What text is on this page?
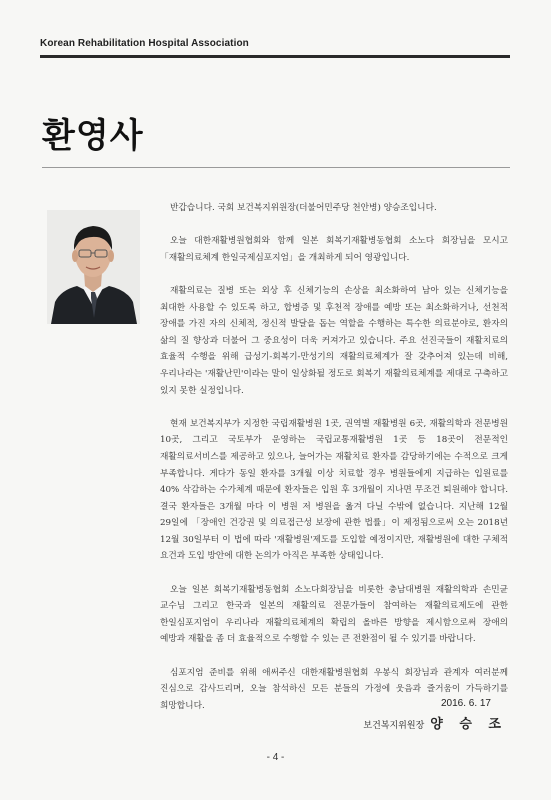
Korean Rehabilitation Hospital Association
환영사

반갑습니다. 국회 보건복지위원장(더불어민주당 천안병) 양승조입니다.

오늘 대한재활병원협회와 함께 일본 회복기재활병동협회 소노다 회장님을 모시고 「재활의료체계 한일국제심포지엄」을 개최하게 되어 영광입니다.

재활의료는 질병 또는 외상 후 신체기능의 손상을 최소화하여 남아 있는 신체기능을 최대한 사용할 수 있도록 하고, 합병증 및 후천적 장애를 예방 또는 최소화하거나, 선천적 장애를 가진 자의 신체적, 정신적 발달을 돕는 역할을 수행하는 특수한 의료분야로, 환자의 삶의 질 향상과 더불어 그 중요성이 더욱 커져가고 있습니다. 주요 선진국들이 재활치료의 효율적 수행을 위해 급성기-회복기-만성기의 재활의료체계가 잘 갖추어져 있는데 비해, 우리나라는 '재활난민'이라는 말이 일상화될 정도로 회복기 재활의료체계를 제대로 구축하고 있지 못한 실정입니다.

현재 보건복지부가 지정한 국립재활병원 1곳, 권역별 재활병원 6곳, 재활의학과 전문병원 10곳, 그리고 국토부가 운영하는 국립교통재활병원 1곳 등 18곳이 전문적인 재활의료서비스를 제공하고 있으나, 늘어가는 재활치료 환자를 감당하기에는 수적으로 크게 부족합니다. 게다가 동일 환자를 3개월 이상 치료할 경우 병원들에게 지급하는 입원료를 40% 삭감하는 수가체계 때문에 환자들은 입원 후 3개월이 지나면 무조건 퇴원해야 합니다. 결국 환자들은 3개월 마다 이 병원 저 병원을 옮겨 다닐 수밖에 없습니다. 지난해 12월 29일에 「장애인 건강권 및 의료접근성 보장에 관한 법률」이 제정됨으로써 오는 2018년 12월 30일부터 이 법에 따라 '재활병원'제도를 도입할 예정이지만, 재활병원에 대한 구체적 요건과 도입 방안에 대한 논의가 아직은 부족한 상태입니다.

오늘 일본 회복기재활병동협회 소노다회장님을 비롯한 충남대병원 재활의학과 손민균 교수님 그리고 한국과 일본의 재활의료 전문가들이 참여하는 재활의료제도에 관한 한일심포지엄이 우리나라 재활의료체계의 확립의 올바른 방향을 제시함으로써 장애의 예방과 재활을 좀 더 효율적으로 수행할 수 있는 큰 전환점이 될 수 있기를 바랍니다.

심포지엄 준비를 위해 애써주신 대한재활병원협회 우봉식 회장님과 관계자 여러분께 진심으로 감사드리며, 오늘 참석하신 모든 분들의 가정에 웃음과 즐거움이 가득하기를 희망합니다.	2016. 6. 17
보건복지위원장 양 승 조
- 4 -
